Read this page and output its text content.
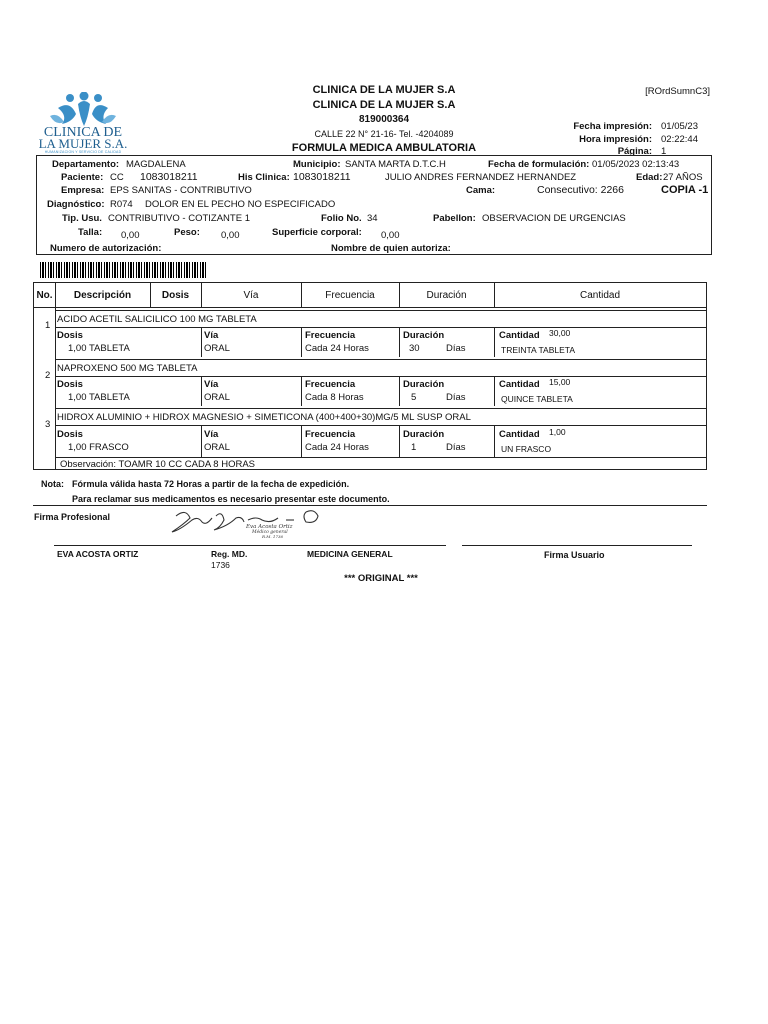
CLINICA DE
LA MUJER S.A.
HUMANIZACION Y SERVICIO DE CALIDAD
CLINICA DE LA MUJER S.A
CLINICA DE LA MUJER S.A
819000364
CALLE 22 N° 21-16- Tel. -4204089
FORMULA MEDICA AMBULATORIA
[ROrdSumnC3]
Fecha impresión: 01/05/23
Hora impresión: 02:22:44
Página: 1
Departamento: MAGDALENA	Municipio: SANTA MARTA D.T.C.H	Fecha de formulación: 01/05/2023 02:13:43
Paciente: CC 1083018211	His Clinica: 1083018211	JULIO ANDRES FERNANDEZ HERNANDEZ	Edad: 27 AÑOS
Empresa: EPS SANITAS - CONTRIBUTIVO	Cama:	Consecutivo: 2266	COPIA -1
Diagnóstico: R074 DOLOR EN EL PECHO NO ESPECIFICADO
Tip. Usu. CONTRIBUTIVO - COTIZANTE 1	Folio No. 34	Pabellon: OBSERVACION DE URGENCIAS
Talla: 0,00	Peso: 0,00	Superficie corporal: 0,00
Numero de autorización:	Nombre de quien autoriza:
No.	Descripción	Dosis	Vía	Frecuencia	Duración	Cantidad
1
ACIDO ACETIL SALICILICO 100 MG TABLETA
Dosis
1,00 TABLETA
Vía
ORAL
Frecuencia
Cada 24 Horas
Duración
30	Días
Cantidad 30,00
TREINTA TABLETA
2
NAPROXENO 500 MG TABLETA
Dosis
1,00 TABLETA
Vía
ORAL
Frecuencia
Cada 8 Horas
Duración
5	Días
Cantidad 15,00
QUINCE TABLETA
3
HIDROX ALUMINIO + HIDROX MAGNESIO + SIMETICONA (400+400+30)MG/5 ML SUSP ORAL
Dosis
1,00 FRASCO
Vía
ORAL
Frecuencia
Cada 24 Horas
Duración
1	Días
Cantidad 1,00
UN FRASCO
Observación: TOAMR 10 CC CADA 8 HORAS
Nota: Fórmula válida hasta 72 Horas a partir de la fecha de expedición.
Para reclamar sus medicamentos es necesario presentar este documento.
Firma Profesional
Eva Acosta Ortiz
Médico general
R.M. 1736
EVA ACOSTA ORTIZ	Reg. MD.
1736
MEDICINA GENERAL	Firma Usuario
*** ORIGINAL ***
